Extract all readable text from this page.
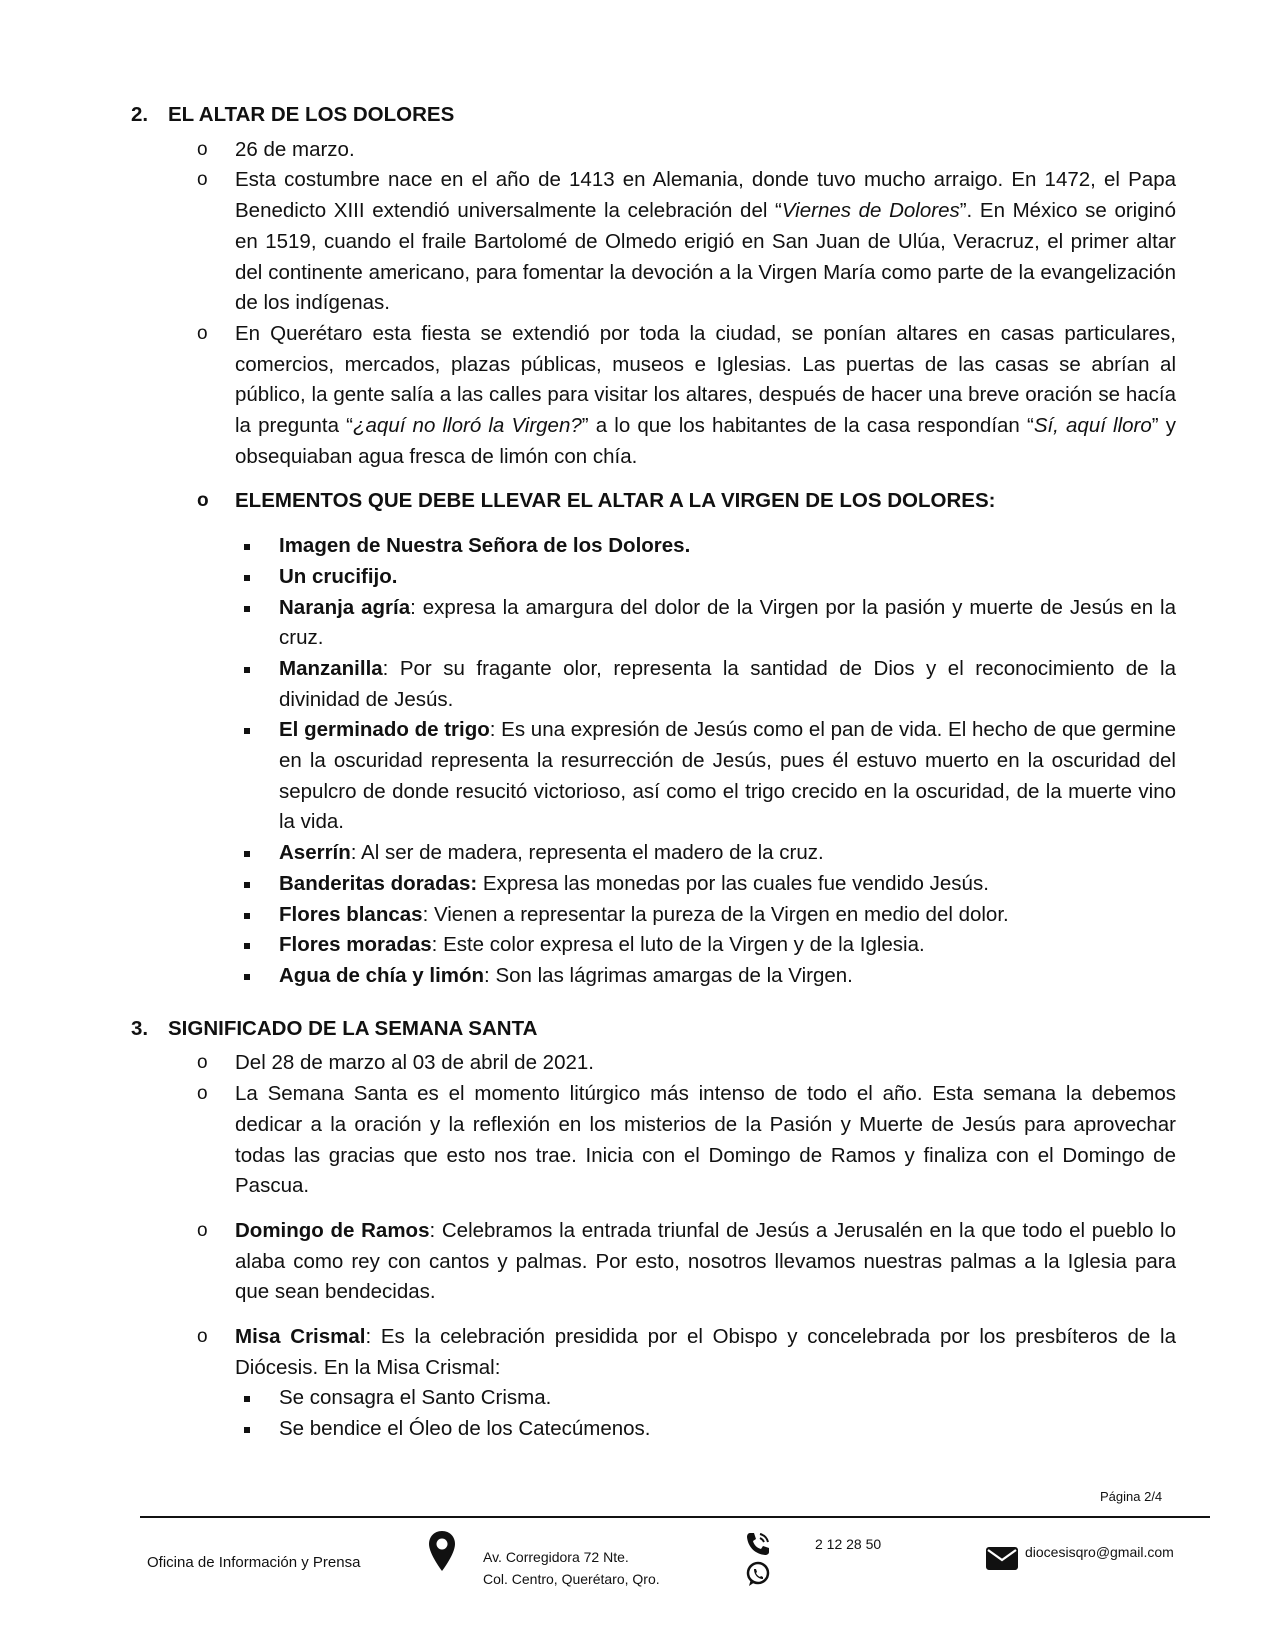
2. EL ALTAR DE LOS DOLORES
o 26 de marzo.
o Esta costumbre nace en el año de 1413 en Alemania, donde tuvo mucho arraigo. En 1472, el Papa Benedicto XIII extendió universalmente la celebración del “Viernes de Dolores”. En México se originó en 1519, cuando el fraile Bartolomé de Olmedo erigió en San Juan de Ulúa, Veracruz, el primer altar del continente americano, para fomentar la devoción a la Virgen María como parte de la evangelización de los indígenas.
o En Querétaro esta fiesta se extendió por toda la ciudad, se ponían altares en casas particulares, comercios, mercados, plazas públicas, museos e Iglesias. Las puertas de las casas se abrían al público, la gente salía a las calles para visitar los altares, después de hacer una breve oración se hacía la pregunta “¿aquí no lloró la Virgen?” a lo que los habitantes de la casa respondían “Sí, aquí lloro” y obsequiaban agua fresca de limón con chía.
o ELEMENTOS QUE DEBE LLEVAR EL ALTAR A LA VIRGEN DE LOS DOLORES:
Imagen de Nuestra Señora de los Dolores.
Un crucifijo.
Naranja agría: expresa la amargura del dolor de la Virgen por la pasión y muerte de Jesús en la cruz.
Manzanilla: Por su fragante olor, representa la santidad de Dios y el reconocimiento de la divinidad de Jesús.
El germinado de trigo: Es una expresión de Jesús como el pan de vida. El hecho de que germine en la oscuridad representa la resurrección de Jesús, pues él estuvo muerto en la oscuridad del sepulcro de donde resucitó victorioso, así como el trigo crecido en la oscuridad, de la muerte vino la vida.
Aserrín: Al ser de madera, representa el madero de la cruz.
Banderitas doradas: Expresa las monedas por las cuales fue vendido Jesús.
Flores blancas: Vienen a representar la pureza de la Virgen en medio del dolor.
Flores moradas: Este color expresa el luto de la Virgen y de la Iglesia.
Agua de chía y limón: Son las lágrimas amargas de la Virgen.
3. SIGNIFICADO DE LA SEMANA SANTA
o Del 28 de marzo al 03 de abril de 2021.
o La Semana Santa es el momento litúrgico más intenso de todo el año. Esta semana la debemos dedicar a la oración y la reflexión en los misterios de la Pasión y Muerte de Jesús para aprovechar todas las gracias que esto nos trae. Inicia con el Domingo de Ramos y finaliza con el Domingo de Pascua.
o Domingo de Ramos: Celebramos la entrada triunfal de Jesús a Jerusalén en la que todo el pueblo lo alaba como rey con cantos y palmas. Por esto, nosotros llevamos nuestras palmas a la Iglesia para que sean bendecidas.
o Misa Crismal: Es la celebración presidida por el Obispo y concelebrada por los presbíteros de la Diócesis. En la Misa Crismal:
Se consagra el Santo Crisma.
Se bendice el Óleo de los Catecúmenos.
Página 2/4
Oficina de Información y Prensa	Av. Corregidora 72 Nte.
Col. Centro, Querétaro, Qro.
2 12 28 50	diocesisqro@gmail.com
